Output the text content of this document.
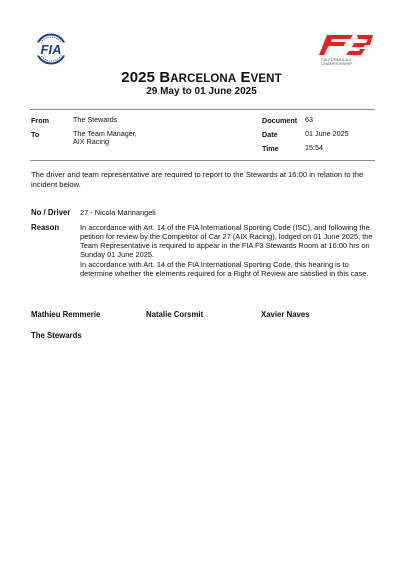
FIA
FIA FORMULA 3
CHAMPIONSHIP
2025 BARCELONA EVENT
29 May to 01 June 2025
From	The Stewards
To	The Team Manager,
AIX Racing
Document 63
Date	01 June 2025
Time	15:54
The driver and team representative are required to report to the Stewards at 16:00 in relation to the incident below.
No / Driver 27 - Nicola Marinangeli
Reason	In accordance with Art. 14 of the FIA International Sporting Code (ISC), and following the petition for review by the Competitor of Car 27 (AIX Racing), lodged on 01 June 2025, the Team Representative is required to appear in the FIA F3 Stewards Room at 16:00 hrs on Sunday 01 June 2025.
In accordance with Art. 14 of the FIA International Sporting Code, this hearing is to determine whether the elements required for a Right of Review are satisfied in this case.
Mathieu Remmerie	Natalie Corsmit	Xavier Naves
The Stewards
